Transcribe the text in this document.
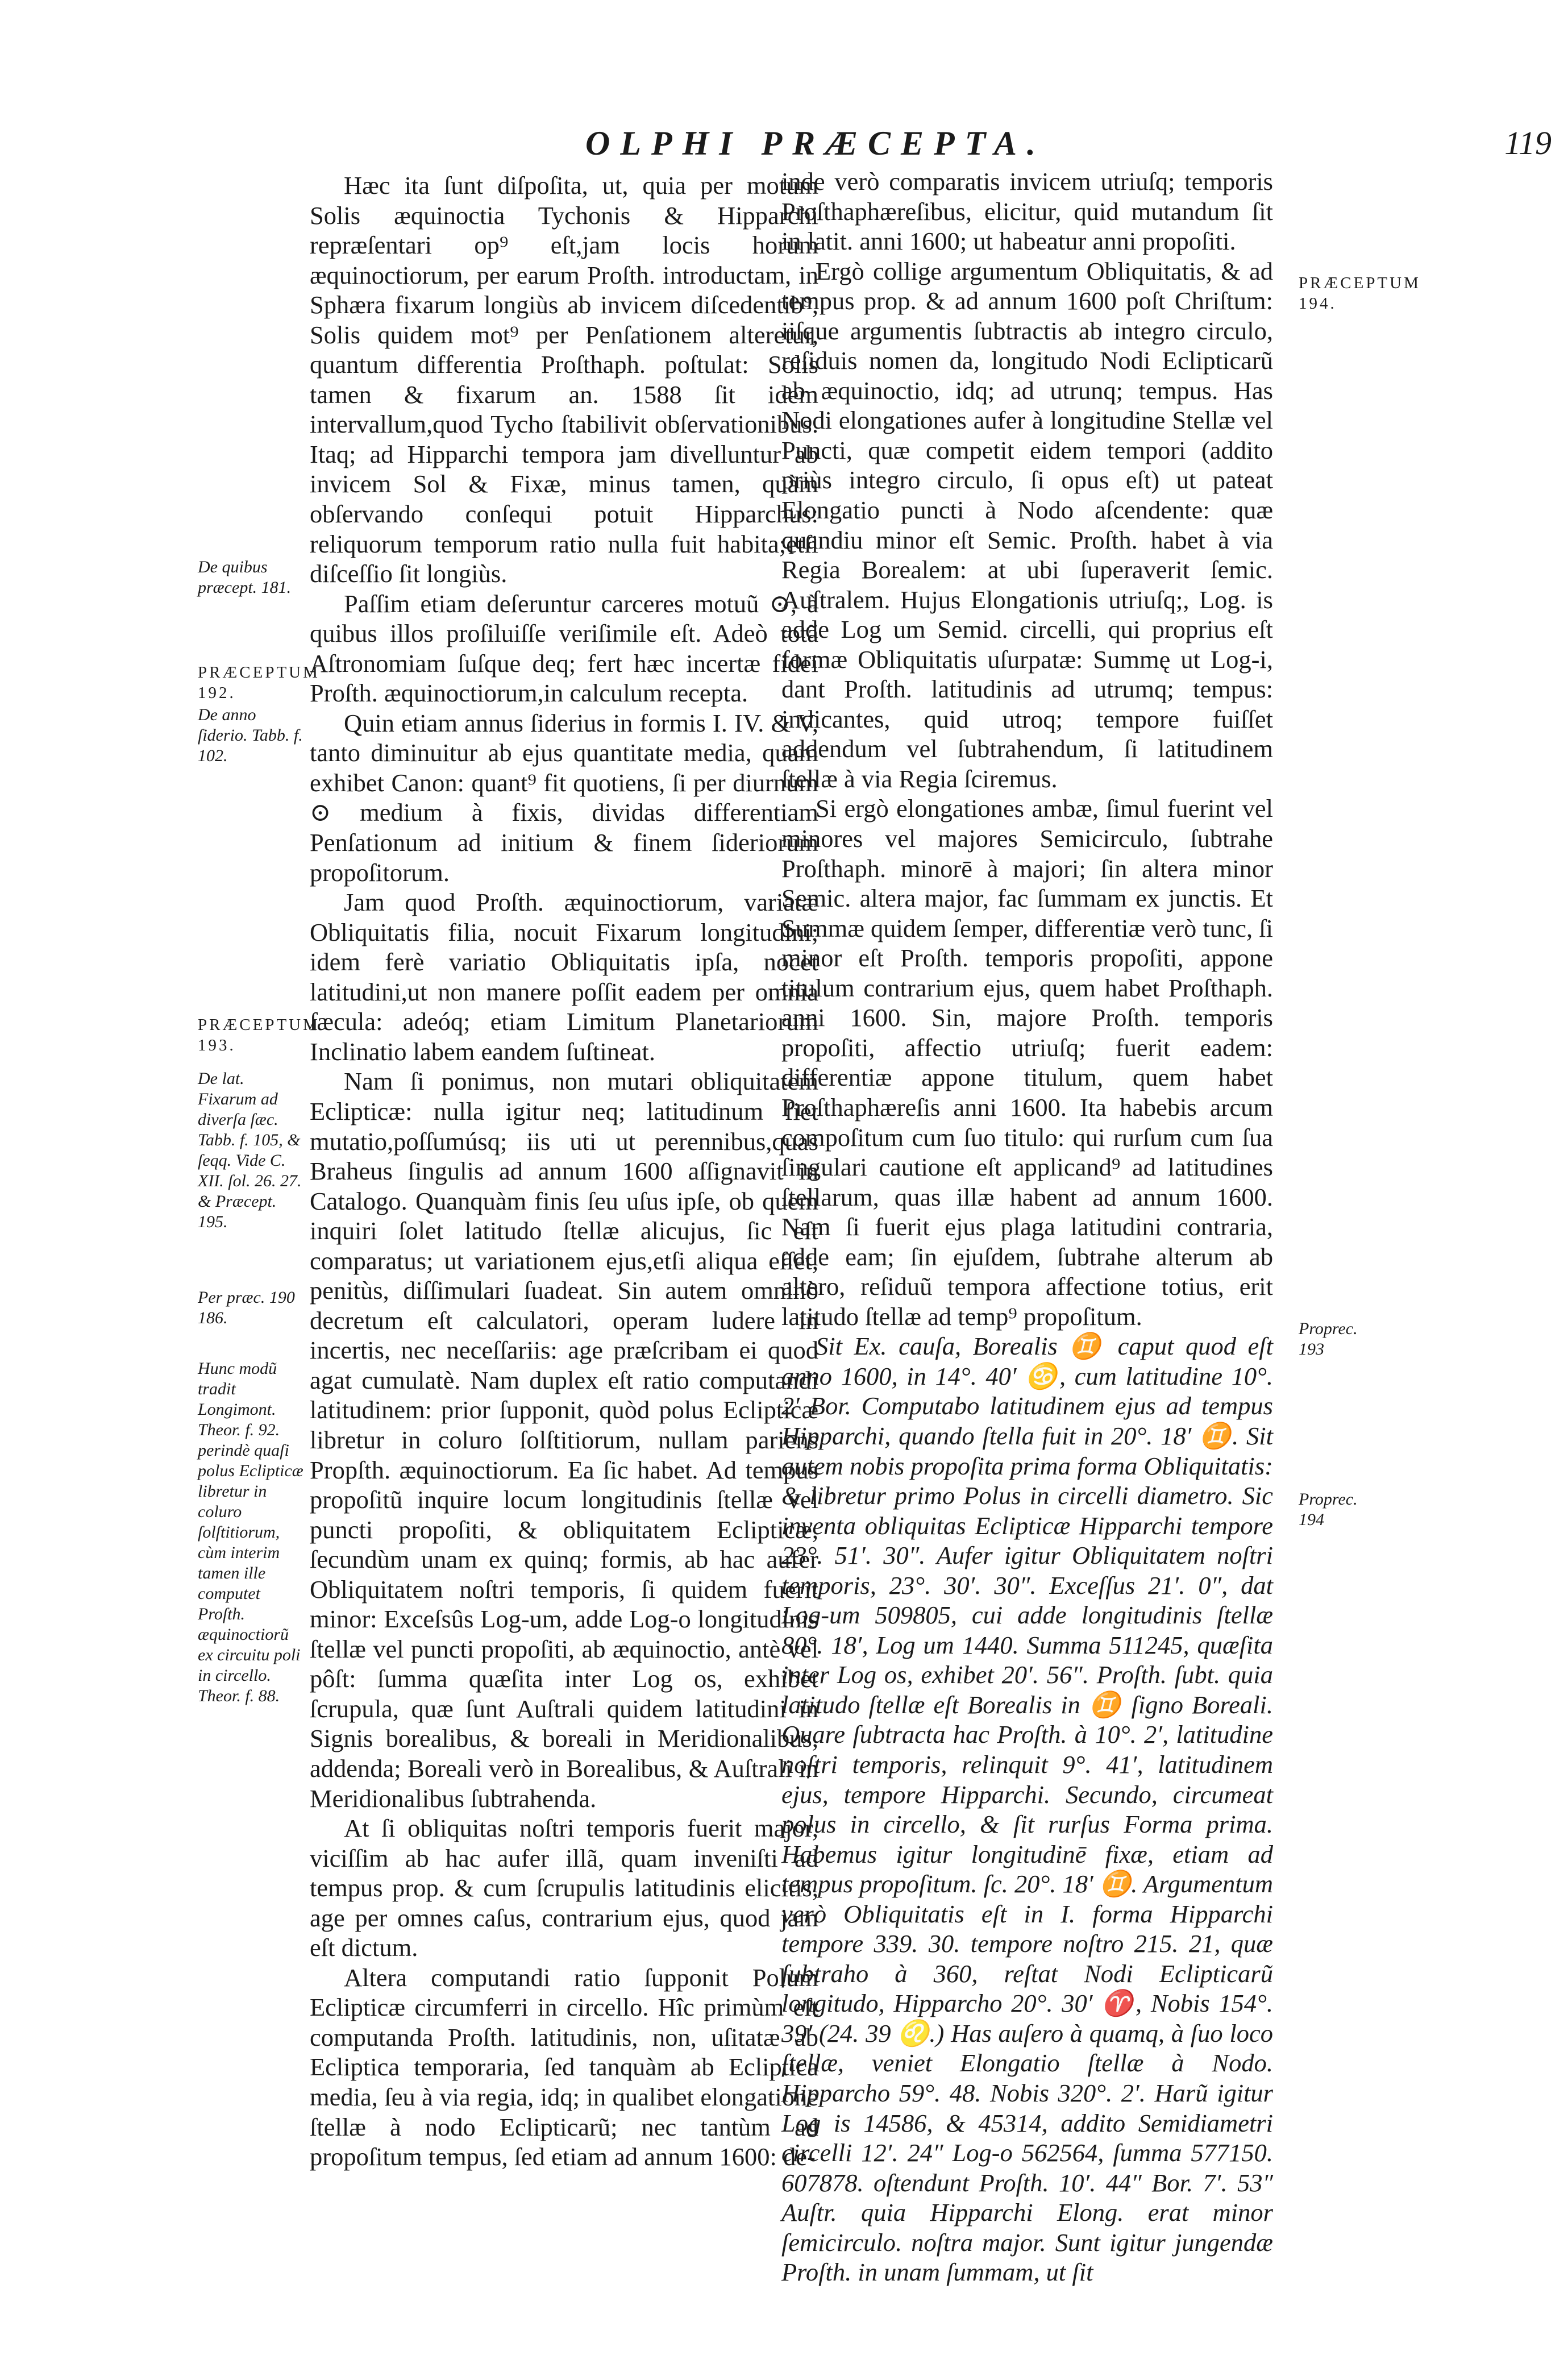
OLPHI PRÆCEPTA.	119

Hæc ita ſunt diſpoſita, ut, quia per motum Solis æquinoctia Tychonis & Hipparchi repræſentari op⁹ eſt,jam locis horum æquinoctiorum, per earum Proſth. introductam, in Sphæra fixarum longiùs ab invicem diſcedentib⁹, Solis quidem mot⁹ per Penſationem alteretur, quantum differentia Proſthaph. poſtulat: Solis tamen & fixarum an. 1588 ſit idem intervallum,quod Tycho ſtabilivit obſervationibus. Itaq; ad Hipparchi tempora jam divelluntur ab invicem Sol & Fixæ, minus tamen, quàm obſervando conſequi potuit Hipparchus: reliquorum temporum ratio nulla fuit habita;etſi diſceſſio ſit longiùs.

Paſſim etiam deſeruntur carceres motuũ ⊙, à quibus illos proſiluiſſe veriſimile eſt. Adeò totã Aſtronomiam ſuſque deq; fert hæc incertæ fidei Proſth. æquinoctiorum,in calculum recepta.

Quin etiam annus ſiderius in formis I. IV. & V, tanto diminuitur ab ejus quantitate media, quam exhibet Canon: quant⁹ fit quotiens, ſi per diurnum ⊙ medium à fixis, dividas differentiam Penſationum ad initium & finem ſideriorum propoſitorum.

Jam quod Proſth. æquinoctiorum, variatæ Obliquitatis filia, nocuit Fixarum longitudini; idem ferè variatio Obliquitatis ipſa, nocet latitudini,ut non manere poſſit eadem per omnia ſæcula: adeóq; etiam Limitum Planetariorum Inclinatio labem eandem ſuſtineat.

Nam ſi ponimus, non mutari obliquitatem Eclipticæ: nulla igitur neq; latitudinum fiet mutatio,poſſumúsq; iis uti ut perennibus,quas Braheus ſingulis ad annum 1600 aſſignavit in Catalogo. Quanquàm finis ſeu uſus ipſe, ob quem inquiri ſolet latitudo ſtellæ alicujus, ſic eſt comparatus; ut variationem ejus,etſi aliqua eſſet, penitùs, diſſimulari ſuadeat. Sin autem omninò decretum eſt calculatori, operam ludere in incertis, nec neceſſariis: age præſcribam ei quod agat cumulatè. Nam duplex eſt ratio computandi latitudinem: prior ſupponit, quòd polus Eclipticæ libretur in coluro ſolſtitiorum, nullam pariens Propſth. æquinoctiorum. Ea ſic habet. Ad tempus propoſitũ inquire locum longitudinis ſtellæ vel puncti propoſiti, & obliquitatem Eclipticæ, ſecundùm unam ex quinq; formis, ab hac aufer Obliquitatem noſtri temporis, ſi quidem fuerit minor: Exceſsûs Log-um, adde Log-o longitudinis ſtellæ vel puncti propoſiti, ab æquinoctio, antè vel pôſt: ſumma quæſita inter Log os, exhibet ſcrupula, quæ ſunt Auſtrali quidem latitudini in Signis borealibus, & boreali in Meridionalibus, addenda; Boreali verò in Borealibus, & Auſtrali in Meridionalibus ſubtrahenda.

At ſi obliquitas noſtri temporis fuerit major, viciſſim ab hac aufer illã, quam inveniſti ad tempus prop. & cum ſcrupulis latitudinis elicitis, age per omnes caſus, contrarium ejus, quod jam eſt dictum.

Altera computandi ratio ſupponit Polum Eclipticæ circumferri in circello. Hîc primùm eſt computanda Proſth. latitudinis, non, uſitatæ ab Ecliptica temporaria, ſed tanquàm ab Ecliptica media, ſeu à via regia, idq; in qualibet elongatione ſtellæ à nodo Eclipticarũ; nec tantùm ad propoſitum tempus, ſed etiam ad annum 1600: de-

inde verò comparatis invicem utriuſq; temporis Proſthaphæreſibus, elicitur, quid mutandum ſit in latit. anni 1600; ut habeatur anni propoſiti.

Ergò collige argumentum Obliquitatis, & ad tempus prop. & ad annum 1600 poſt Chriſtum: iiſque argumentis ſubtractis ab integro circulo, reſiduis nomen da, longitudo Nodi Eclipticarũ ab æquinoctio, idq; ad utrunq; tempus. Has Nodi elongationes aufer à longitudine Stellæ vel Puncti, quæ competit eidem tempori (addito priùs integro circulo, ſi opus eſt) ut pateat Elongatio puncti à Nodo aſcendente: quæ quandiu minor eſt Semic. Proſth. habet à via Regia Borealem: at ubi ſuperaverit ſemic. Auſtralem. Hujus Elongationis utriuſq;, Log. is adde Log um Semid. circelli, qui proprius eſt formæ Obliquitatis uſurpatæ: Summę ut Log-i, dant Proſth. latitudinis ad utrumq; tempus: indicantes, quid utroq; tempore fuiſſet addendum vel ſubtrahendum, ſi latitudinem ſtellæ à via Regia ſciremus.

Si ergò elongationes ambæ, ſimul fuerint vel minores vel majores Semicirculo, ſubtrahe Proſthaph. minorē à majori; ſin altera minor Semic. altera major, fac ſummam ex junctis. Et Summæ quidem ſemper, differentiæ verò tunc, ſi minor eſt Proſth. temporis propoſiti, appone titulum contrarium ejus, quem habet Proſthaph. anni 1600. Sin, majore Proſth. temporis propoſiti, affectio utriuſq; fuerit eadem: differentiæ appone titulum, quem habet Proſthaphæreſis anni 1600. Ita habebis arcum compoſitum cum ſuo titulo: qui rurſum cum ſua ſingulari cautione eſt applicand⁹ ad latitudines ſtellarum, quas illæ habent ad annum 1600. Nam ſi fuerit ejus plaga latitudini contraria, adde eam; ſin ejuſdem, ſubtrahe alterum ab altero, reſiduũ tempora affectione totius, erit latitudo ſtellæ ad temp⁹ propoſitum.

Sit Ex. cauſa, Borealis ♊ caput quod eſt anno 1600, in 14°. 40′ ♋, cum latitudine 10°. 2′ Bor. Computabo latitudinem ejus ad tempus Hipparchi, quando ſtella fuit in 20°. 18′ ♊. Sit autem nobis propoſita prima forma Obliquitatis: & libretur primo Polus in circelli diametro. Sic inventa obliquitas Eclipticæ Hipparchi tempore 23°. 51′. 30″. Aufer igitur Obliquitatem noſtri temporis, 23°. 30′. 30″. Exceſſus 21′. 0″, dat Log-um 509805, cui adde longitudinis ſtellæ 80°. 18′, Log um 1440. Summa 511245, quæſita inter Log os, exhibet 20′. 56″. Proſth. ſubt. quia latitudo ſtellæ eſt Borealis in ♊ ſigno Boreali. Quare ſubtracta hac Proſth. à 10°. 2′, latitudine noſtri temporis, relinquit 9°. 41′, latitudinem ejus, tempore Hipparchi. Secundo, circumeat polus in circello, & ſit rurſus Forma prima. Habemus igitur longitudinē fixæ, etiam ad tempus propoſitum. ſc. 20°. 18′ ♊. Argumentum verò Obliquitatis eſt in I. forma Hipparchi tempore 339. 30. tempore noſtro 215. 21, quæ ſubtraho à 360, reſtat Nodi Eclipticarũ longitudo, Hipparcho 20°. 30′ ♈, Nobis 154°. 39′ (24. 39 ♌.) Has auſero à quamq, à ſuo loco ſtellæ, veniet Elongatio ſtellæ à Nodo. Hipparcho 59°. 48. Nobis 320°. 2′. Harũ igitur Log is 14586, & 45314, addito Semidiametri circelli 12′. 24″ Log-o 562564, ſumma 577150. 607878. oſtendunt Proſth. 10′. 44″ Bor. 7′. 53″ Auſtr. quia Hipparchi Elong. erat minor ſemicirculo. noſtra major. Sunt igitur jungendæ Proſth. in unam ſummam, ut ſit

De quibus præcept. 181.
PRÆCEPTUM 192.
De anno ſiderio. Tabb. f. 102.
PRÆCEPTUM 193.
De lat. Fixarum ad diverſa ſæc. Tabb. f. 105, & ſeqq. Vide C. XII. ſol. 26. 27. & Præcept. 195.
Per præc. 190 186.
Hunc modũ tradit Longimont. Theor. f. 92. perindè quaſi polus Eclipticæ libretur in coluro ſolſtitiorum, cùm interim tamen ille computet Proſth. æquinoctiorũ ex circuitu poli in circello. Theor. f. 88.
PRÆCEPTUM 194.
Proprec. 193
Proprec. 194
